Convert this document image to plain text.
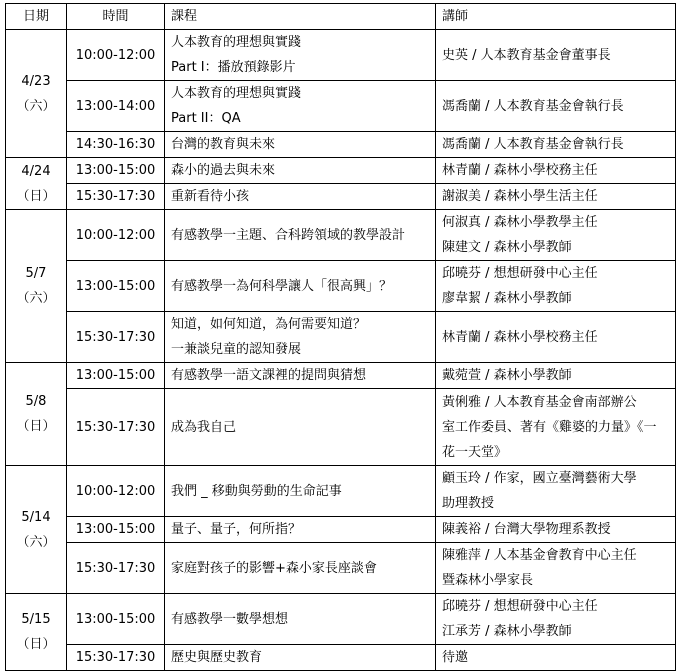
日期	時間	課程	講師

4/23
（六）	10:00-12:00	人本教育的理想與實踐
Part I：播放預錄影片	史英 / 人本教育基金會董事長

	13:00-14:00	人本教育的理想與實踐
Part II：QA	馮喬蘭 / 人本教育基金會執行長

	14:30-16:30	台灣的教育與未來	馮喬蘭 / 人本教育基金會執行長

4/24
（日）	13:00-15:00	森小的過去與未來	林青蘭 / 森林小學校務主任

	15:30-17:30	重新看待小孩	謝淑美 / 森林小學生活主任

5/7
（六）	10:00-12:00	有感教學一主題、合科跨領域的教學設計	何淑真 / 森林小學教學主任
陳建文 / 森林小學教師

	13:00-15:00	有感教學一為何科學讓人「很高興」？	邱曉芬 / 想想研發中心主任
廖韋絜 / 森林小學教師

	15:30-17:30	知道，如何知道，為何需要知道？
一兼談兒童的認知發展	林青蘭 / 森林小學校務主任

5/8
（日）	13:00-15:00	有感教學一語文課裡的提問與猜想	戴菀萱 / 森林小學教師

	15:30-17:30	成為我自己	黃俐雅 / 人本教育基金會南部辦公
室工作委員、著有《雞婆的力量》《一
花一天堂》

5/14
（六）	10:00-12:00	我們 _ 移動與勞動的生命記事	顧玉玲 / 作家，國立臺灣藝術大學
助理教授

	13:00-15:00	量子、量子，何所指？	陳義裕 / 台灣大學物理系教授

	15:30-17:30	家庭對孩子的影響+森小家長座談會	陳雅萍 / 人本基金會教育中心主任
暨森林小學家長

5/15
（日）	13:00-15:00	有感教學一數學想想	邱曉芬 / 想想研發中心主任
江承芳 / 森林小學教師

	15:30-17:30	歷史與歷史教育	待邀
